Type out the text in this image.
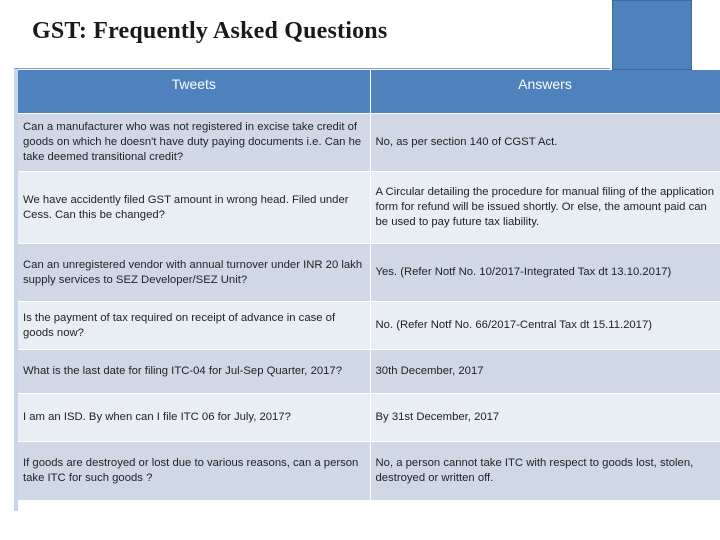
GST: Frequently Asked Questions
Tweets	Answers
Can a manufacturer who was not registered in excise take credit of goods on which he doesn't have duty paying documents i.e. Can he take deemed transitional credit?	No, as per section 140 of CGST Act.
We have accidently filed GST amount in wrong head. Filed under Cess. Can this be changed?	A Circular detailing the procedure for manual filing of the application form for refund will be issued shortly. Or else, the amount paid can be used to pay future tax liability.
Can an unregistered vendor with annual turnover under INR 20 lakh supply services to SEZ Developer/SEZ Unit?	Yes. (Refer Notf No. 10/2017-Integrated Tax dt 13.10.2017)
Is the payment of tax required on receipt of advance in case of goods now?	No. (Refer Notf No. 66/2017-Central Tax dt 15.11.2017)
What is the last date for filing ITC-04 for Jul-Sep Quarter, 2017?	30th December, 2017
I am an ISD. By when can I file ITC 06 for July, 2017?	By 31st December, 2017
If goods are destroyed or lost due to various reasons, can a person take ITC for such goods ?	No, a person cannot take ITC with respect to goods lost, stolen, destroyed or written off.
